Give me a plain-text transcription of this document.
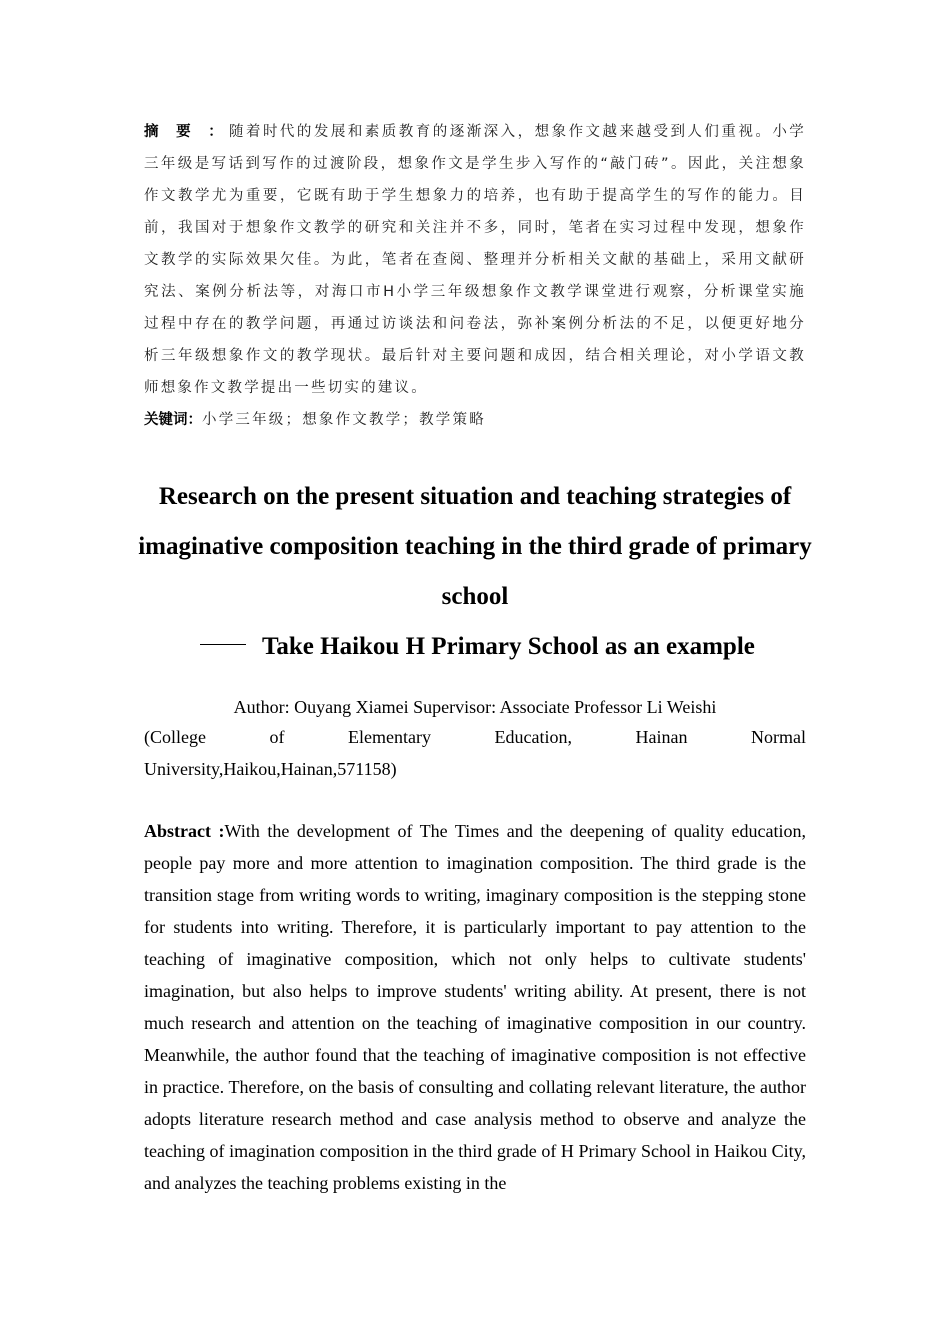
摘 要 ：随着时代的发展和素质教育的逐渐深入，想象作文越来越受到人们重视。小学三年级是写话到写作的过渡阶段，想象作文是学生步入写作的“敲门砖”。因此，关注想象作文教学尤为重要，它既有助于学生想象力的培养，也有助于提高学生的写作的能力。目前，我国对于想象作文教学的研究和关注并不多，同时，笔者在实习过程中发现，想象作文教学的实际效果欠佳。为此，笔者在查阅、整理并分析相关文献的基础上，采用文献研究法、案例分析法等，对海口市H小学三年级想象作文教学课堂进行观察，分析课堂实施过程中存在的教学问题，再通过访谈法和问卷法，弥补案例分析法的不足，以便更好地分析三年级想象作文的教学现状。最后针对主要问题和成因，结合相关理论，对小学语文教师想象作文教学提出一些切实的建议。
关键词：小学三年级；想象作文教学；教学策略
Research on the present situation and teaching strategies of imaginative composition teaching in the third grade of primary school
Take Haikou H Primary School as an example
Author: Ouyang Xiamei Supervisor: Associate Professor Li Weishi
(College	of	Elementary	Education,	Hainan	Normal
University,Haikou,Hainan,571158)
Abstract :With the development of The Times and the deepening of quality education, people pay more and more attention to imagination composition. The third grade is the transition stage from writing words to writing, imaginary composition is the stepping stone for students into writing. Therefore, it is particularly important to pay attention to the teaching of imaginative composition, which not only helps to cultivate students' imagination, but also helps to improve students' writing ability. At present, there is not much research and attention on the teaching of imaginative composition in our country. Meanwhile, the author found that the teaching of imaginative composition is not effective in practice. Therefore, on the basis of consulting and collating relevant literature, the author adopts literature research method and case analysis method to observe and analyze the teaching of imagination composition in the third grade of H Primary School in Haikou City, and analyzes the teaching problems existing in the
